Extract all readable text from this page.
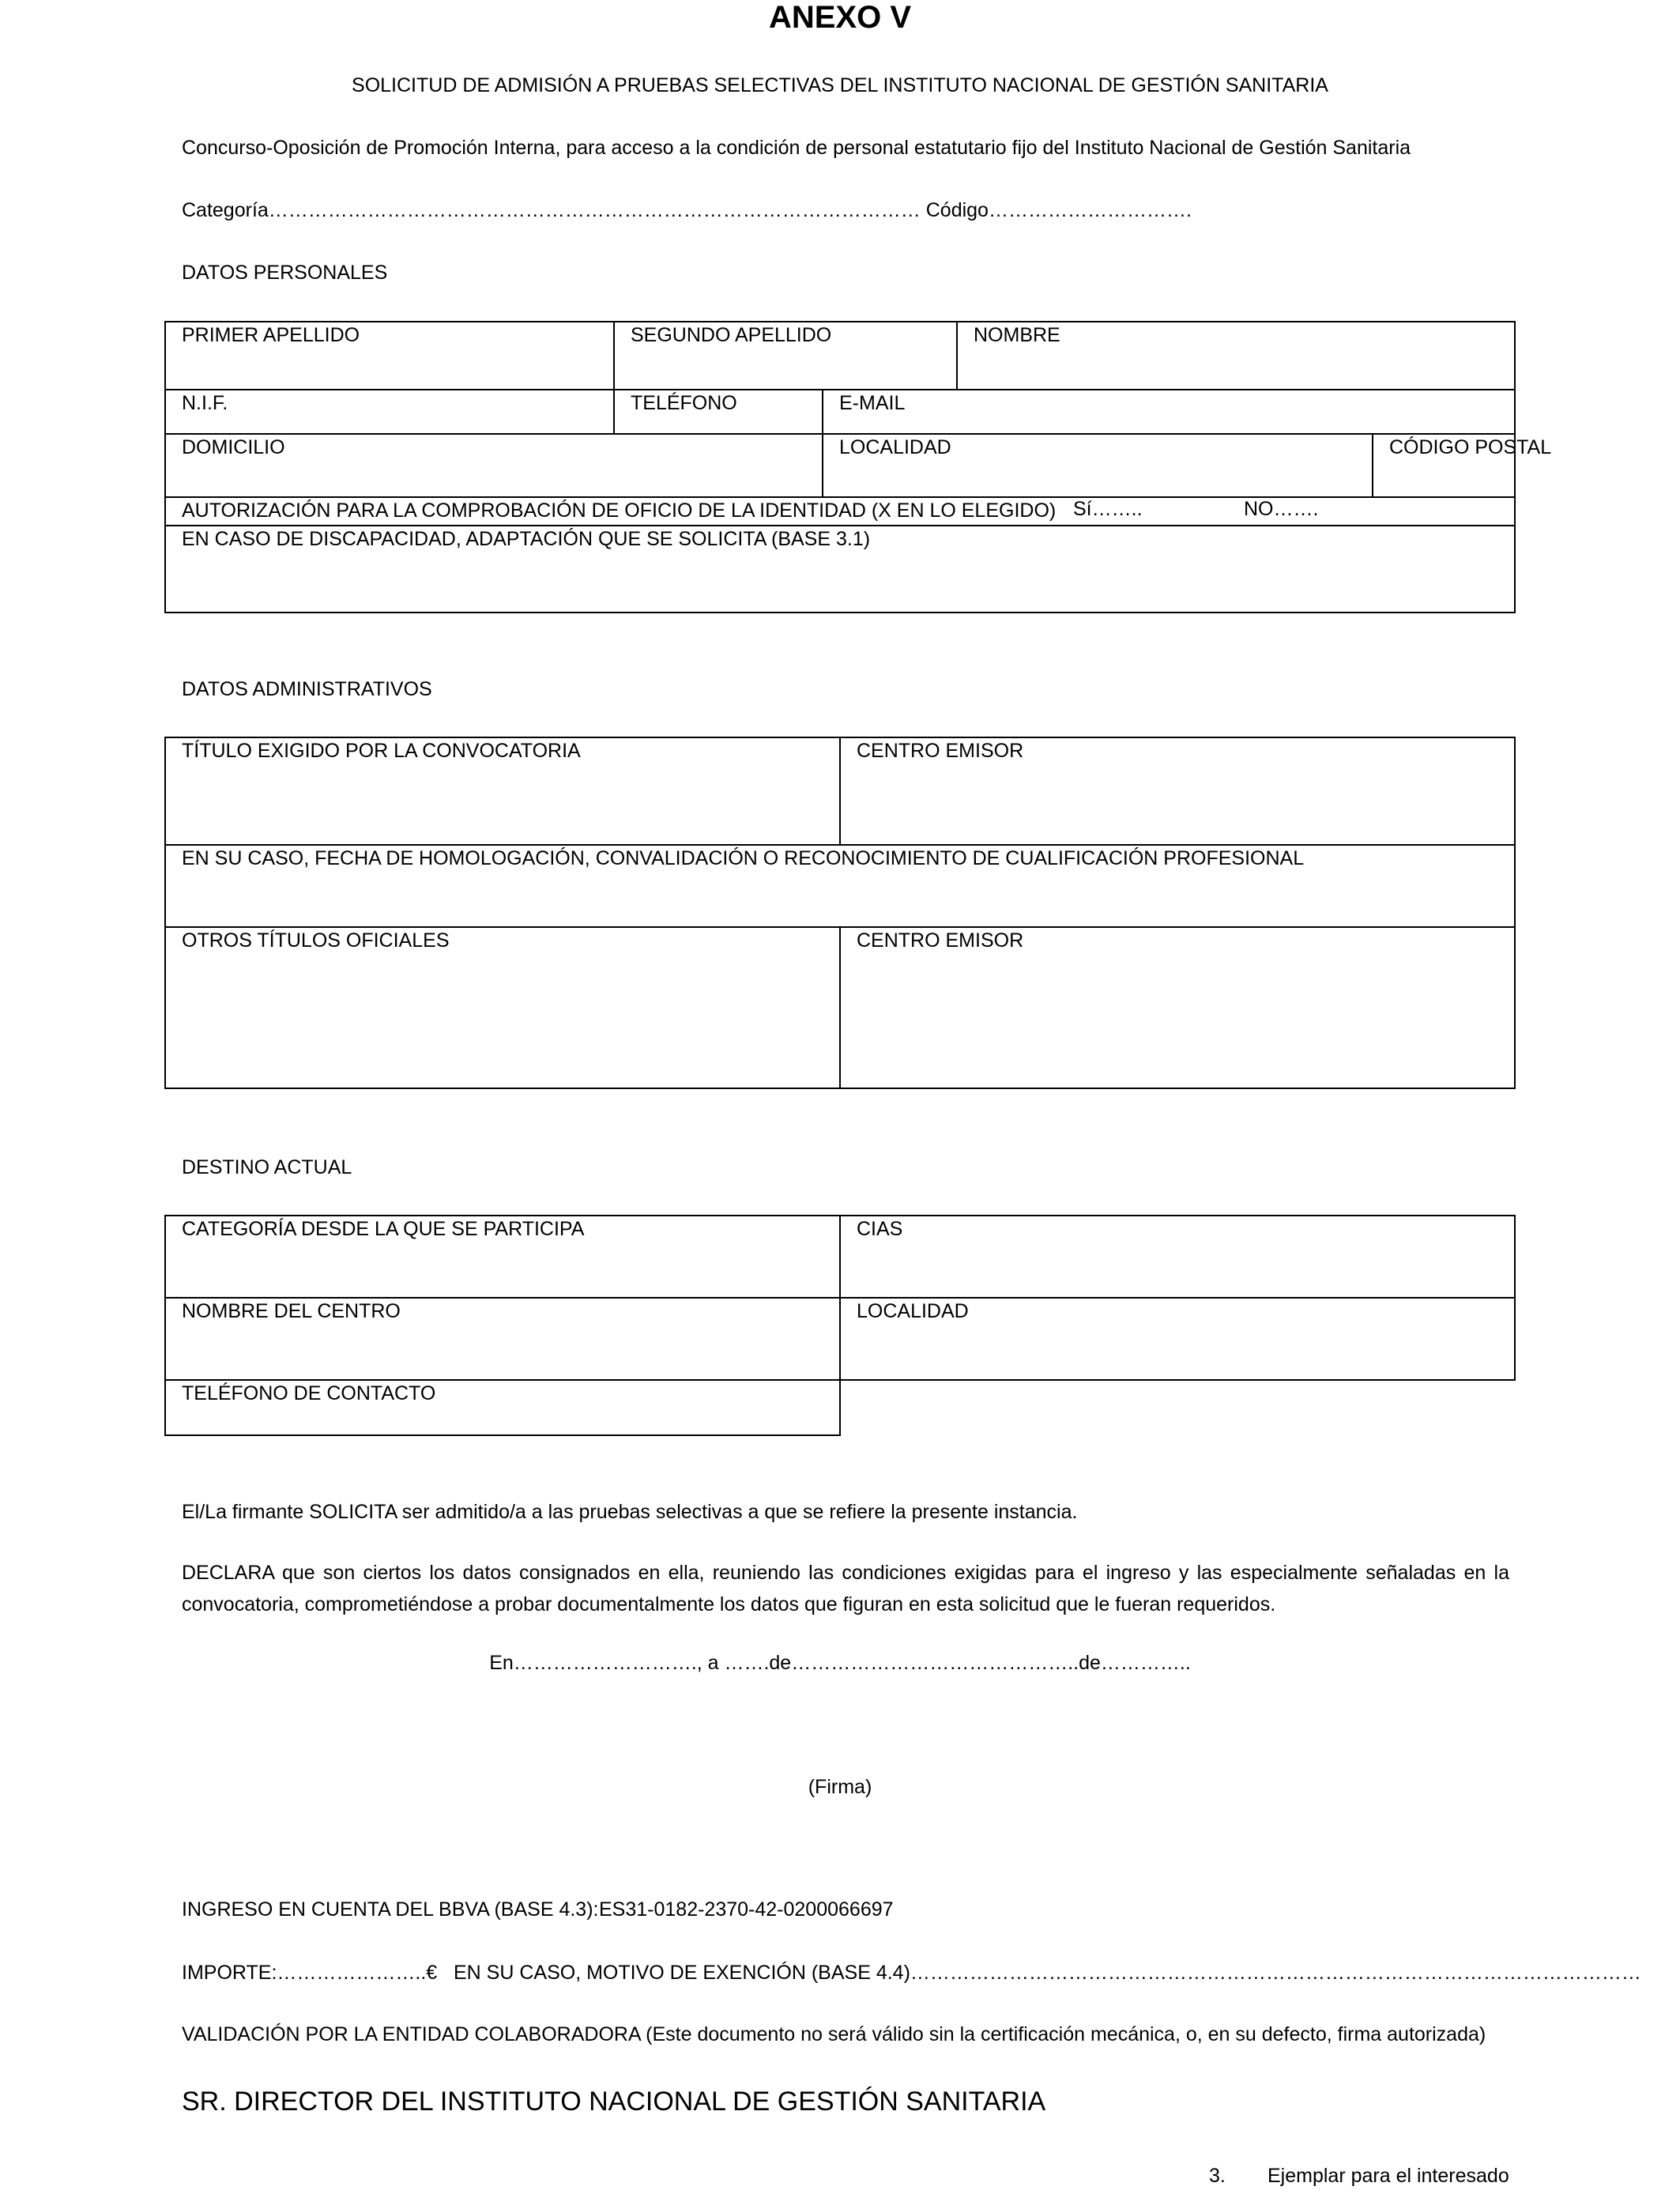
ANEXO V
SOLICITUD DE ADMISIÓN A PRUEBAS SELECTIVAS DEL INSTITUTO NACIONAL DE GESTIÓN SANITARIA
Concurso-Oposición de Promoción Interna, para acceso a la condición de personal estatutario fijo del Instituto Nacional de Gestión Sanitaria
Categoría……………………………………………………………………………………… Código………………………….
DATOS PERSONALES
PRIMER APELLIDO	SEGUNDO APELLIDO		NOMBRE	
N.I.F.	TELÉFONO	E-MAIL		
DOMICILIO		LOCALIDAD		CÓDIGO POSTAL
AUTORIZACIÓN PARA LA COMPROBACIÓN DE OFICIO DE LA IDENTIDAD (X EN LO ELEGIDO) Sí…….. NO…….				

EN CASO DE DISCAPACIDAD, ADAPTACIÓN QUE SE SOLICITA (BASE 3.1)				
DATOS ADMINISTRATIVOS
TÍTULO EXIGIDO POR LA CONVOCATORIA	CENTRO EMISOR
EN SU CASO, FECHA DE HOMOLOGACIÓN, CONVALIDACIÓN O RECONOCIMIENTO DE CUALIFICACIÓN PROFESIONAL	
OTROS TÍTULOS OFICIALES	CENTRO EMISOR
DESTINO ACTUAL
CATEGORÍA DESDE LA QUE SE PARTICIPA	CIAS
NOMBRE DEL CENTRO	LOCALIDAD
TELÉFONO DE CONTACTO	
El/La firmante SOLICITA ser admitido/a a las pruebas selectivas a que se refiere la presente instancia.
DECLARA que son ciertos los datos consignados en ella, reuniendo las condiciones exigidas para el ingreso y las especialmente señaladas en la convocatoria, comprometiéndose a probar documentalmente los datos que figuran en esta solicitud que le fueran requeridos.
En………………………., a …….de……………………………………..de…………..
(Firma)
INGRESO EN CUENTA DEL BBVA (BASE 4.3): ES31-0182-2370-42-0200066697
IMPORTE:…………………..€ EN SU CASO, MOTIVO DE EXENCIÓN (BASE 4.4)…………………………………………………………………………………………………
VALIDACIÓN POR LA ENTIDAD COLABORADORA (Este documento no será válido sin la certificación mecánica, o, en su defecto, firma autorizada)
SR. DIRECTOR DEL INSTITUTO NACIONAL DE GESTIÓN SANITARIA
3. Ejemplar para el interesado
